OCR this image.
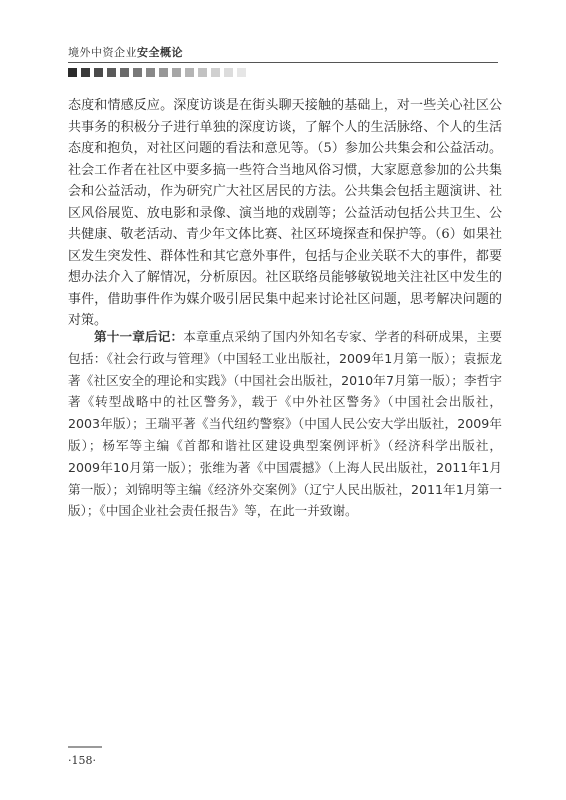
境外中资企业安全概论
态度和情感反应。深度访谈是在街头聊天接触的基础上，对一些关心社区公共事务的积极分子进行单独的深度访谈，了解个人的生活脉络、个人的生活态度和抱负，对社区问题的看法和意见等。（5）参加公共集会和公益活动。社会工作者在社区中要多搞一些符合当地风俗习惯，大家愿意参加的公共集会和公益活动，作为研究广大社区居民的方法。公共集会包括主题演讲、社区风俗展览、放电影和录像、演当地的戏剧等；公益活动包括公共卫生、公共健康、敬老活动、青少年文体比赛、社区环境探查和保护等。（6）如果社区发生突发性、群体性和其它意外事件，包括与企业关联不大的事件，都要想办法介入了解情况，分析原因。社区联络员能够敏锐地关注社区中发生的事件，借助事件作为媒介吸引居民集中起来讨论社区问题，思考解决问题的对策。
第十一章后记：本章重点采纳了国内外知名专家、学者的科研成果，主要包括：《社会行政与管理》（中国轻工业出版社，2009年1月第一版）；袁振龙著《社区安全的理论和实践》（中国社会出版社，2010年7月第一版）；李哲宇著《转型战略中的社区警务》，载于《中外社区警务》（中国社会出版社，2003年版）；王瑞平著《当代纽约警察》（中国人民公安大学出版社，2009年版）；杨军等主编《首都和谐社区建设典型案例评析》（经济科学出版社，2009年10月第一版）；张维为著《中国震撼》（上海人民出版社，2011年1月第一版）；刘锦明等主编《经济外交案例》（辽宁人民出版社，2011年1月第一版）；《中国企业社会责任报告》等，在此一并致谢。
·158·
